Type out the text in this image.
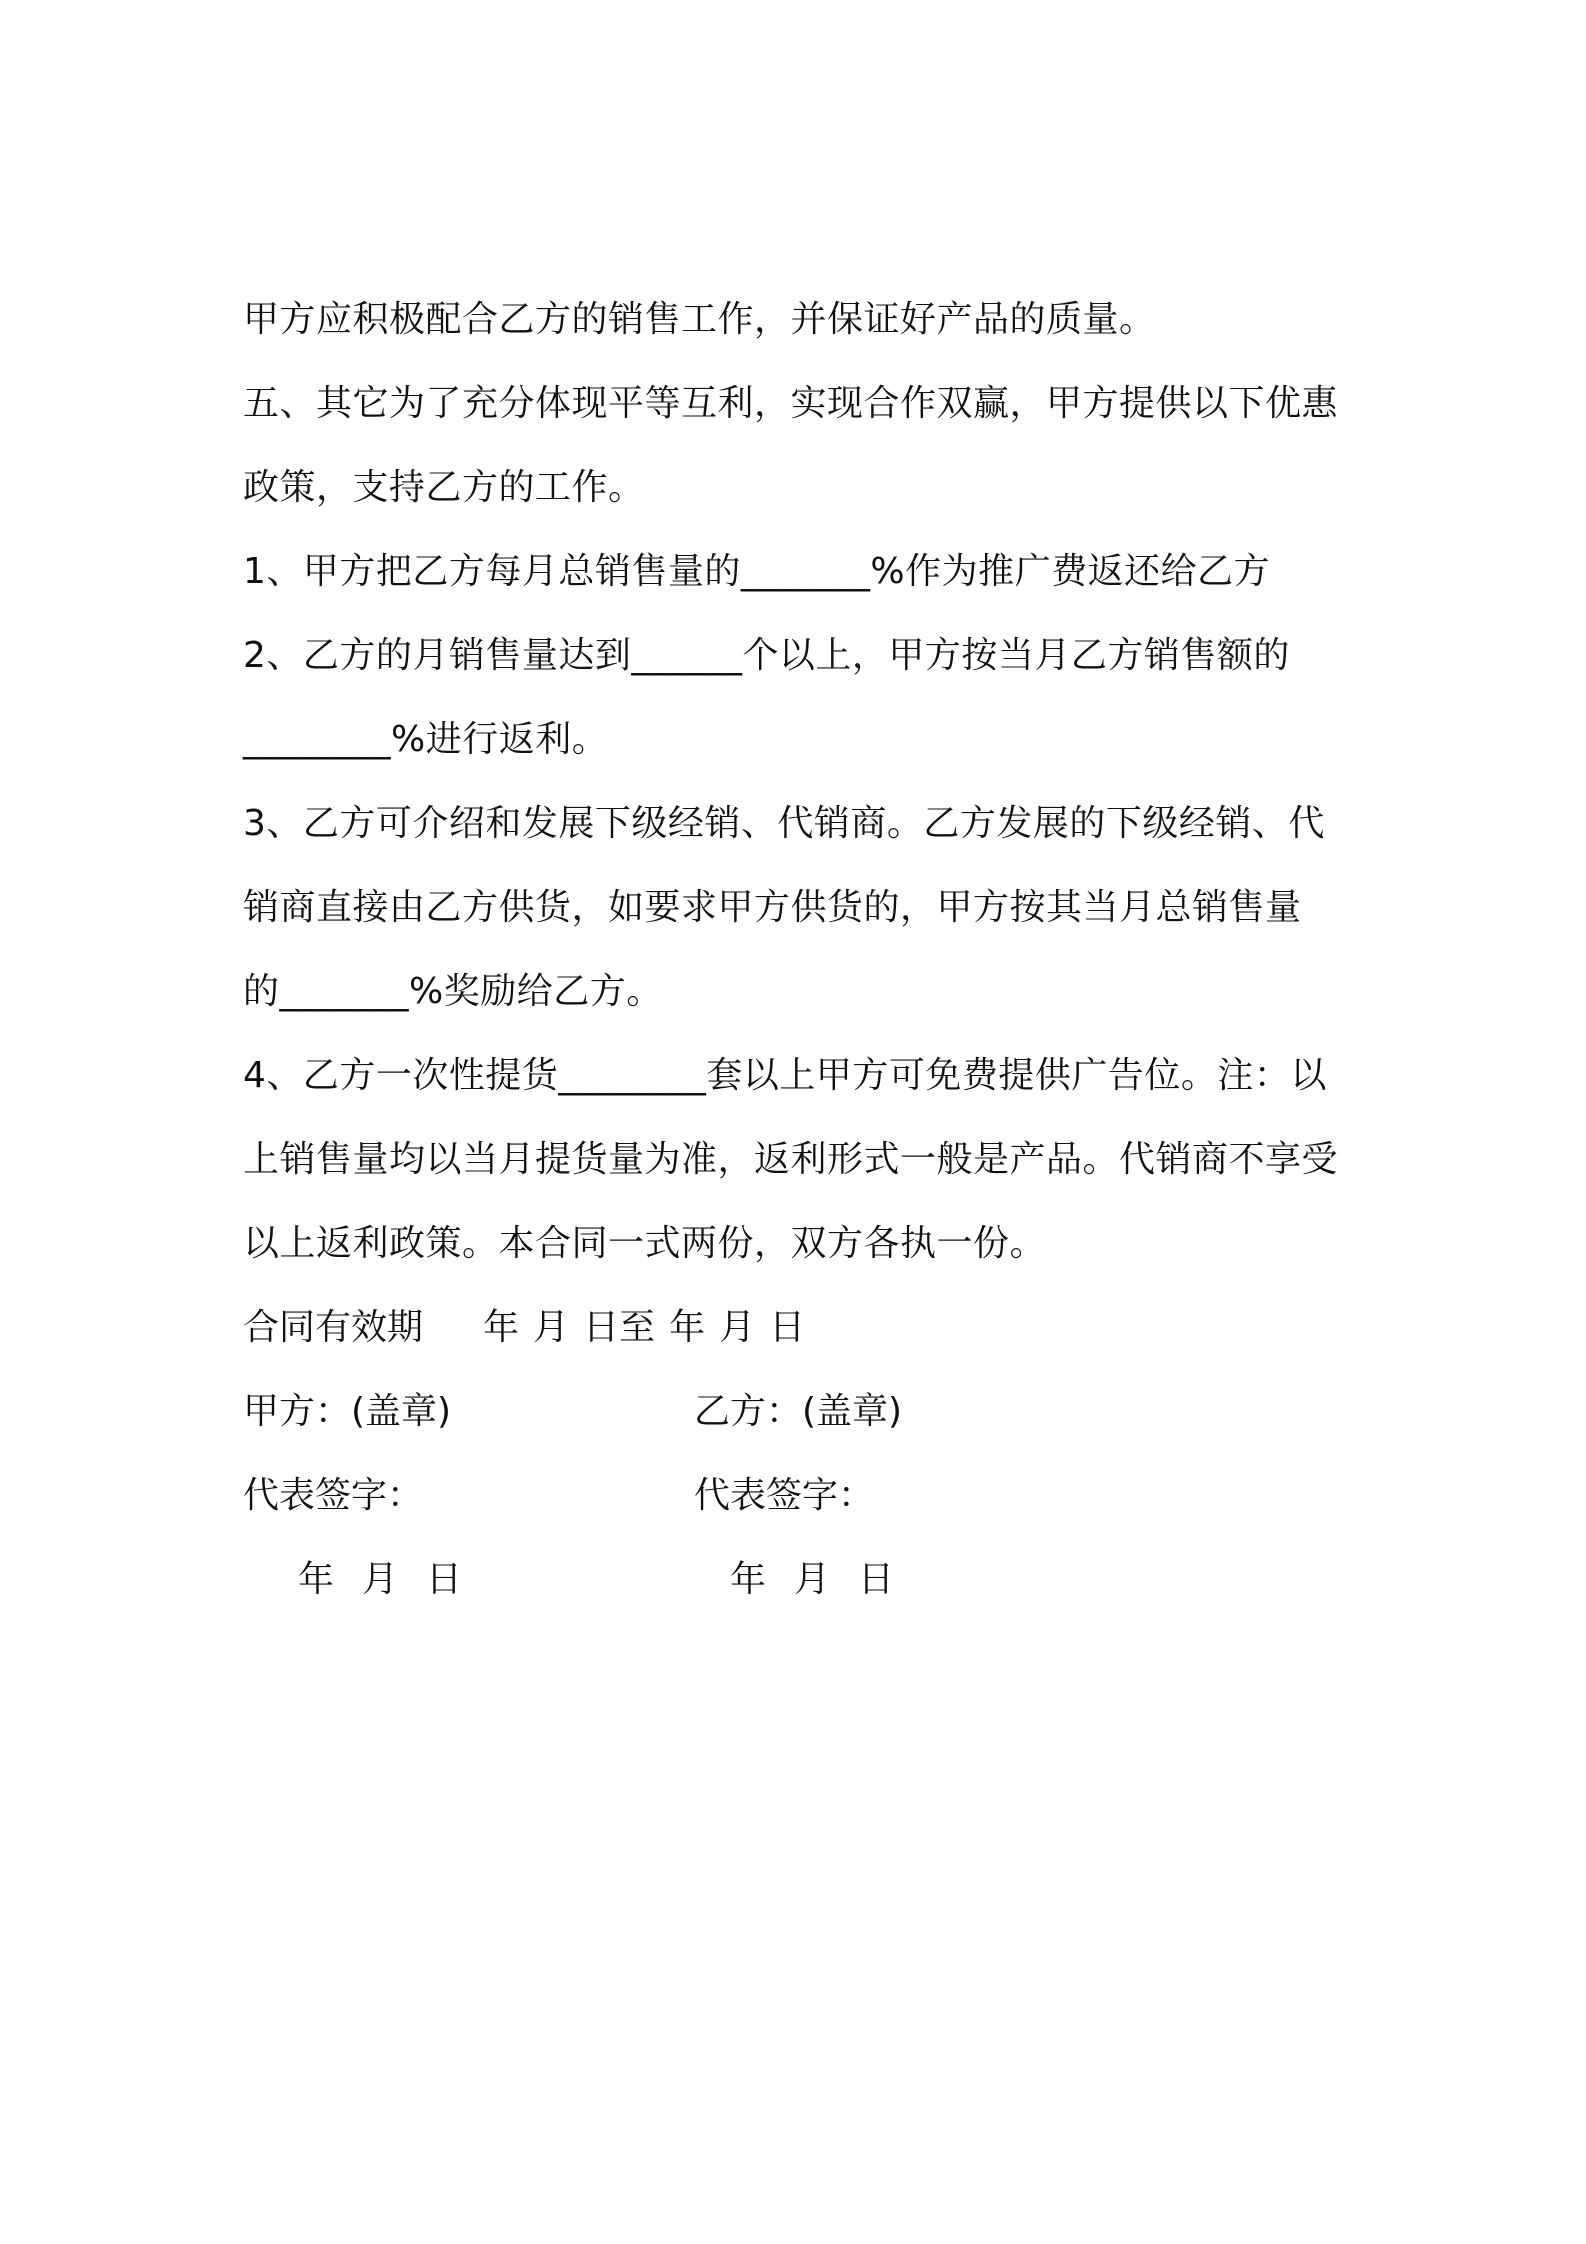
甲方应积极配合乙方的销售工作，并保证好产品的质量。
五、其它为了充分体现平等互利，实现合作双赢，甲方提供以下优惠
政策，支持乙方的工作。
1、甲方把乙方每月总销售量的_______%作为推广费返还给乙方
2、乙方的月销售量达到______个以上，甲方按当月乙方销售额的
________%进行返利。
3、乙方可介绍和发展下级经销、代销商。乙方发展的下级经销、代
销商直接由乙方供货，如要求甲方供货的，甲方按其当月总销售量
的_______%奖励给乙方。
4、乙方一次性提货________套以上甲方可免费提供广告位。注：以
上销售量均以当月提货量为准，返利形式一般是产品。代销商不享受
以上返利政策。本合同一式两份，双方各执一份。
合同有效期 年 月 日至 年 月 日
甲方：(盖章)	乙方：(盖章)
代表签字：	代表签字：
年 月 日	年 月 日
